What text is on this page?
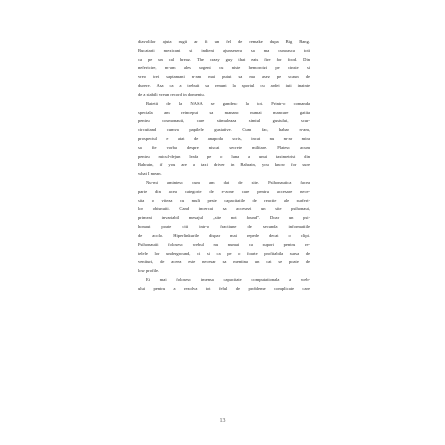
diavolilor ajuta rugii ar fi un fel de remake dupa Big Bang.
Bucatarii mexicani si indieni ajunsesera sa ma cunoasca toti
ca pe un cal breaz. The crazy guy that eats fire for food. Din
nefericire, m-am ales urgent cu niste hemoroizi pe cinste si
vreo trei saptamani n-am mai putut sa ma asez pe scaun de
durere. Asa ca a trebuit sa renunt la sportul cu ardei iuti inainte
de a stabili vreun record in domeniu.
Baietii de la NASA se gandesc la tot. Printr-o comanda
speciala am reinceput sa mananc numai mancare gatita
pentru cosmonauti, care stimuleaza simtul gustului, scur-
circuitand cumva papilele gustative. Cum fac, habar n-am,
prospectul e atat de anapoda scris, incat nu m-ar mira
sa fie vorba despre niscai secrete militare. Platesc acum
pentru micul-dejun leafa pe o luna a unui taximetrist din
Bahrain, if you are a taxi driver in Bahrain, you know for sure
what I mean.
Nu-mi amintesc cum am dat de site. Psihonautica facea
parte din acea categorie de e-zone care pentru accesare nece-
sita o viteza cu mult peste capacitatile de reactie ale surferi-
lor obisnuiti. Cand incercai sa accesezi un site psihonaut,
primeai invariabil mesajul „site not found”. Doar un psi-
honaut poate citi intr-o fractiune de secunda informatiile
de acolo. Hiperlinkurile dispar mai repede decat o clipi.
Psihonautii folosesc webul nu numai ca suport pentru re-
telele lor underground, ci si ca pe o foarte profitabila sursa de
venituri, de aceea este necesar sa mentina un cat se poate de
low profile.
Ei mai folosesc imensa capacitate computationala a web-
ului pentru a rezolva tot felul de probleme complicate care
13
